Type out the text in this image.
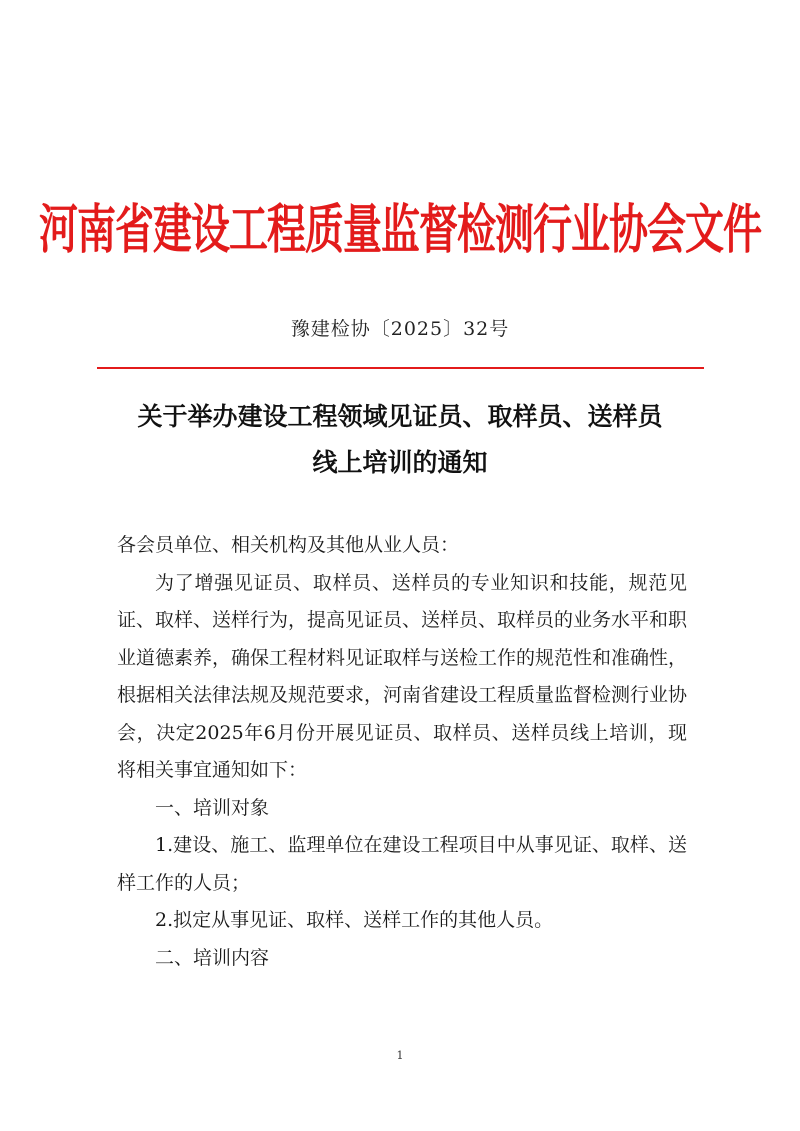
河南省建设工程质量监督检测行业协会文件
豫建检协〔2025〕32号
关于举办建设工程领域见证员、取样员、送样员
线上培训的通知

各会员单位、相关机构及其他从业人员：

为了增强见证员、取样员、送样员的专业知识和技能，规范见证、取样、送样行为，提高见证员、送样员、取样员的业务水平和职业道德素养，确保工程材料见证取样与送检工作的规范性和准确性，根据相关法律法规及规范要求，河南省建设工程质量监督检测行业协会，决定2025年6月份开展见证员、取样员、送样员线上培训，现将相关事宜通知如下：

一、培训对象

1.建设、施工、监理单位在建设工程项目中从事见证、取样、送样工作的人员；

2.拟定从事见证、取样、送样工作的其他人员。

二、培训内容

1
